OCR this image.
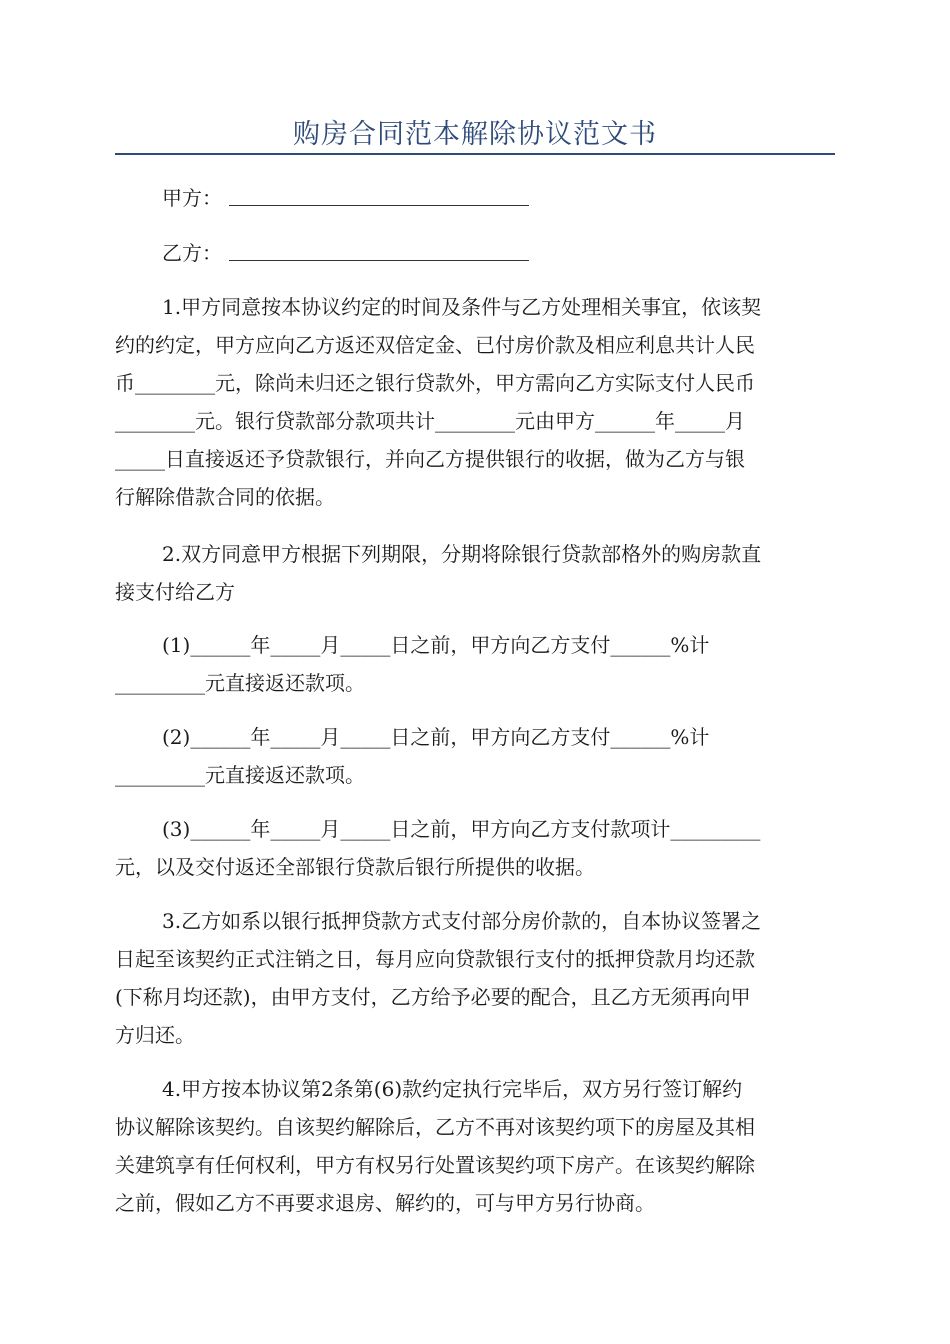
购房合同范本解除协议范文书
甲方：
乙方：
1.甲方同意按本协议约定的时间及条件与乙方处理相关事宜，依该契
约的约定，甲方应向乙方返还双倍定金、已付房价款及相应利息共计人民
币________元，除尚未归还之银行贷款外，甲方需向乙方实际支付人民币
________元。银行贷款部分款项共计________元由甲方______年_____月
_____日直接返还予贷款银行，并向乙方提供银行的收据，做为乙方与银
行解除借款合同的依据。
2.双方同意甲方根据下列期限，分期将除银行贷款部格外的购房款直
接支付给乙方
(1)______年_____月_____日之前，甲方向乙方支付______%计
_________元直接返还款项。
(2)______年_____月_____日之前，甲方向乙方支付______%计
_________元直接返还款项。
(3)______年_____月_____日之前，甲方向乙方支付款项计_________
元，以及交付返还全部银行贷款后银行所提供的收据。
3.乙方如系以银行抵押贷款方式支付部分房价款的，自本协议签署之
日起至该契约正式注销之日，每月应向贷款银行支付的抵押贷款月均还款
(下称月均还款)，由甲方支付，乙方给予必要的配合，且乙方无须再向甲
方归还。
4.甲方按本协议第2条第(6)款约定执行完毕后，双方另行签订解约
协议解除该契约。自该契约解除后，乙方不再对该契约项下的房屋及其相
关建筑享有任何权利，甲方有权另行处置该契约项下房产。在该契约解除
之前，假如乙方不再要求退房、解约的，可与甲方另行协商。
